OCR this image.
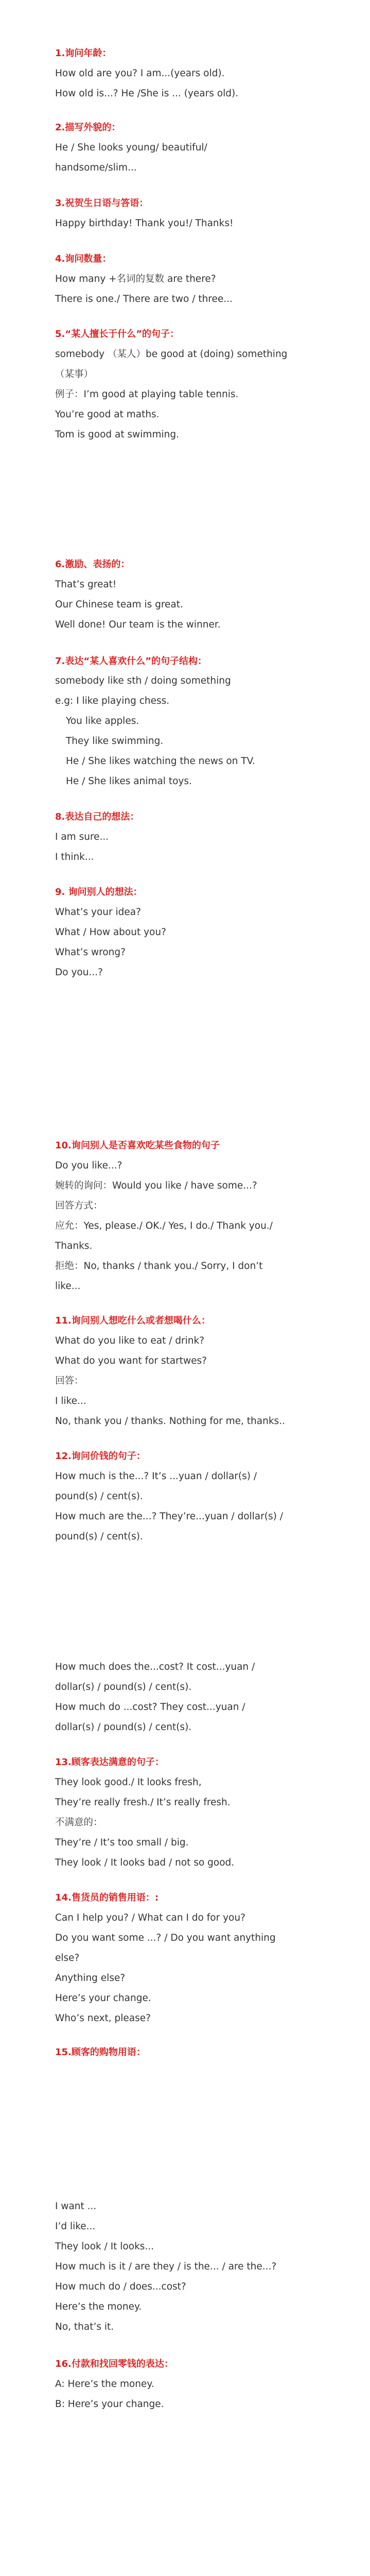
1.询问年龄：
How old are you? I am...(years old).
How old is...? He /She is ... (years old).
2.描写外貌的：
He / She looks young/ beautiful/
handsome/slim...
3.祝贺生日语与答语：
Happy birthday! Thank you!/ Thanks!
4.询问数量：
How many +名词的复数 are there?
There is one./ There are two / three...
5.“某人擅长于什么”的句子：
somebody （某人）be good at (doing) something
（某事）
例子：I’m good at playing table tennis.
You’re good at maths.
Tom is good at swimming.
6.激励、表扬的：
That’s great!
Our Chinese team is great.
Well done! Our team is the winner.
7.表达“某人喜欢什么”的句子结构：
somebody like sth / doing something
e.g: I like playing chess.
You like apples.
They like swimming.
He / She likes watching the news on TV.
He / She likes animal toys.
8.表达自己的想法：
I am sure...
I think...
9. 询问别人的想法：
What’s your idea?
What / How about you?
What’s wrong?
Do you...?
10.询问别人是否喜欢吃某些食物的句子
Do you like...?
婉转的询问：Would you like / have some...?
回答方式：
应允：Yes, please./ OK./ Yes, I do./ Thank you./
Thanks.
拒绝：No, thanks / thank you./ Sorry, I don’t
like...
11.询问别人想吃什么或者想喝什么：
What do you like to eat / drink?
What do you want for startwes?
回答：
I like...
No, thank you / thanks. Nothing for me, thanks..
12.询问价钱的句子：
How much is the...? It’s ...yuan / dollar(s) /
pound(s) / cent(s).
How much are the...? They’re...yuan / dollar(s) /
pound(s) / cent(s).
How much does the...cost? It cost...yuan /
dollar(s) / pound(s) / cent(s).
How much do ...cost? They cost...yuan /
dollar(s) / pound(s) / cent(s).
13.顾客表达满意的句子：
They look good./ It looks fresh,
They’re really fresh./ It’s really fresh.
不满意的：
They’re / It’s too small / big.
They look / It looks bad / not so good.
14.售货员的销售用语：:
Can I help you? / What can I do for you?
Do you want some ...? / Do you want anything
else?
Anything else?
Here’s your change.
Who’s next, please?
15.顾客的购物用语：
I want ...
I’d like...
They look / It looks...
How much is it / are they / is the... / are the...?
How much do / does...cost?
Here’s the money.
No, that’s it.
16.付款和找回零钱的表达：
A: Here’s the money.
B: Here’s your change.
